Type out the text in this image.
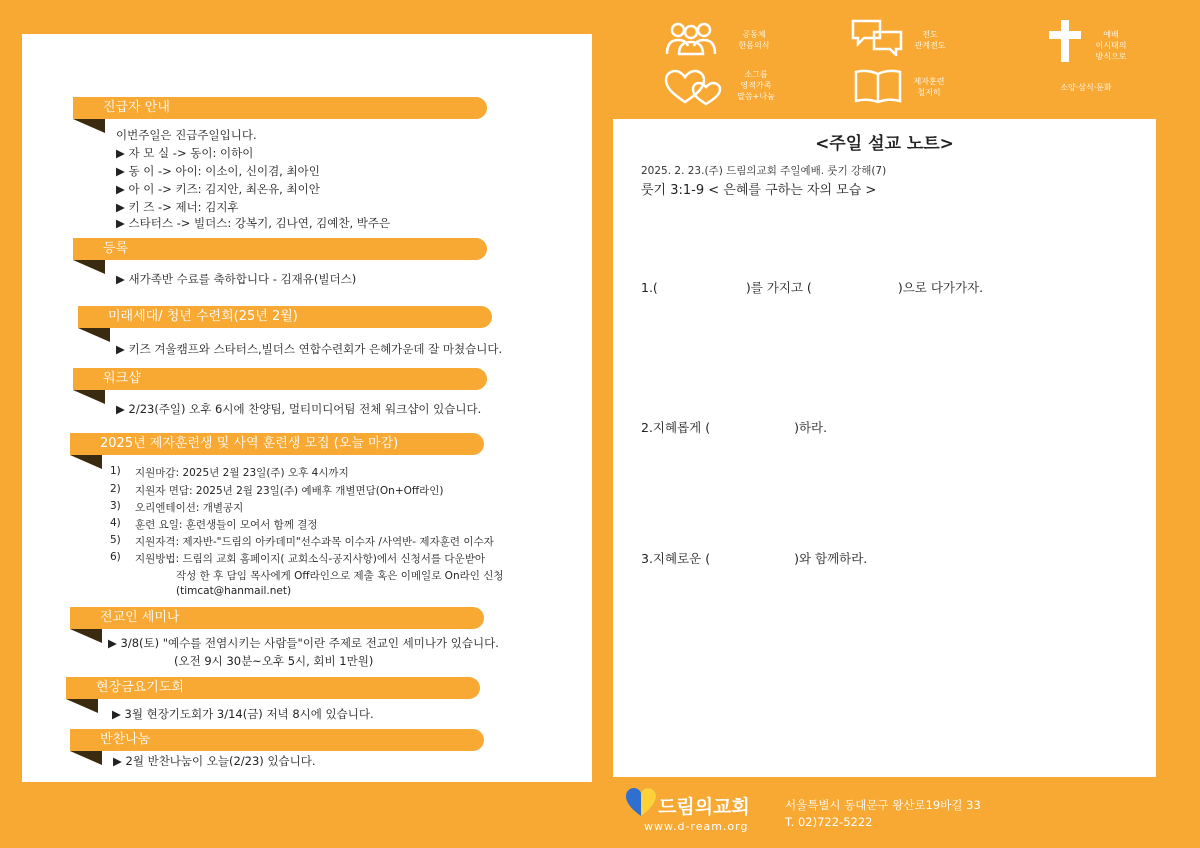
진급자 안내
이번주일은 진급주일입니다.
▶ 자 모 실 -> 동이: 이하이
▶ 동 이 -> 아이: 이소이, 신이겸, 최아인
▶ 아 이 -> 키즈: 김지안, 최온유, 최이안
▶ 키 즈 -> 제너: 김지후
▶ 스타터스 -> 빌더스: 강복기, 김나연, 김예찬, 박주은
등록
▶ 새가족반 수료를 축하합니다 - 김재유(빌더스)
미래세대/ 청년 수련회(25년 2월)
▶ 키즈 겨울캠프와 스타터스,빌더스 연합수련회가 은혜가운데 잘 마쳤습니다.
워크샵
▶ 2/23(주일) 오후 6시에 찬양팀, 멀티미디어팀 전체 워크샵이 있습니다.
2025년 제자훈련생 및 사역 훈련생 모집 (오늘 마감)
1) 지원마감: 2025년 2월 23일(주) 오후 4시까지
2) 지원자 면담: 2025년 2월 23일(주) 예배후 개별면담(On+Off라인)
3) 오리엔테이션: 개별공지
4) 훈련 요일: 훈련생들이 모여서 함께 결정
5) 지원자격: 제자반-"드림의 아카데미"선수과목 이수자 /사역반- 제자훈련 이수자
6) 지원방법: 드림의 교회 홈페이지( 교회소식-공지사항)에서 신청서를 다운받아
작성 한 후 담임 목사에게 Off라인으로 제출 혹은 이메일로 On라인 신청
(timcat@hanmail.net)
전교인 세미나
▶ 3/8(토) "예수를 전염시키는 사람들"이란 주제로 전교인 세미나가 있습니다.
(오전 9시 30분~오후 5시, 회비 1만원)
현장금요기도회
▶ 3월 현장기도회가 3/14(금) 저녁 8시에 있습니다.
반찬나눔
▶ 2월 반찬나눔이 오늘(2/23) 있습니다.
공동체
한몸의식
전도
관계전도
예배
이시대의
방식으로
소그룹
영적가족
말씀+나눔
제자훈련
철저히
소양·삼식·문화
<주일 설교 노트>
2025. 2. 23.(주) 드림의교회 주일예배. 룻기 강해(7)
룻기 3:1-9 < 은혜를 구하는 자의 모습 >
1.(	)를 가지고 (	)으로 다가가자.
2.지혜롭게 (	)하라.
3.지혜로운 (	)와 함께하라.
드림의교회
www.d-ream.org
서울특별시 동대문구 왕산로19바길 33
T. 02)722-5222
